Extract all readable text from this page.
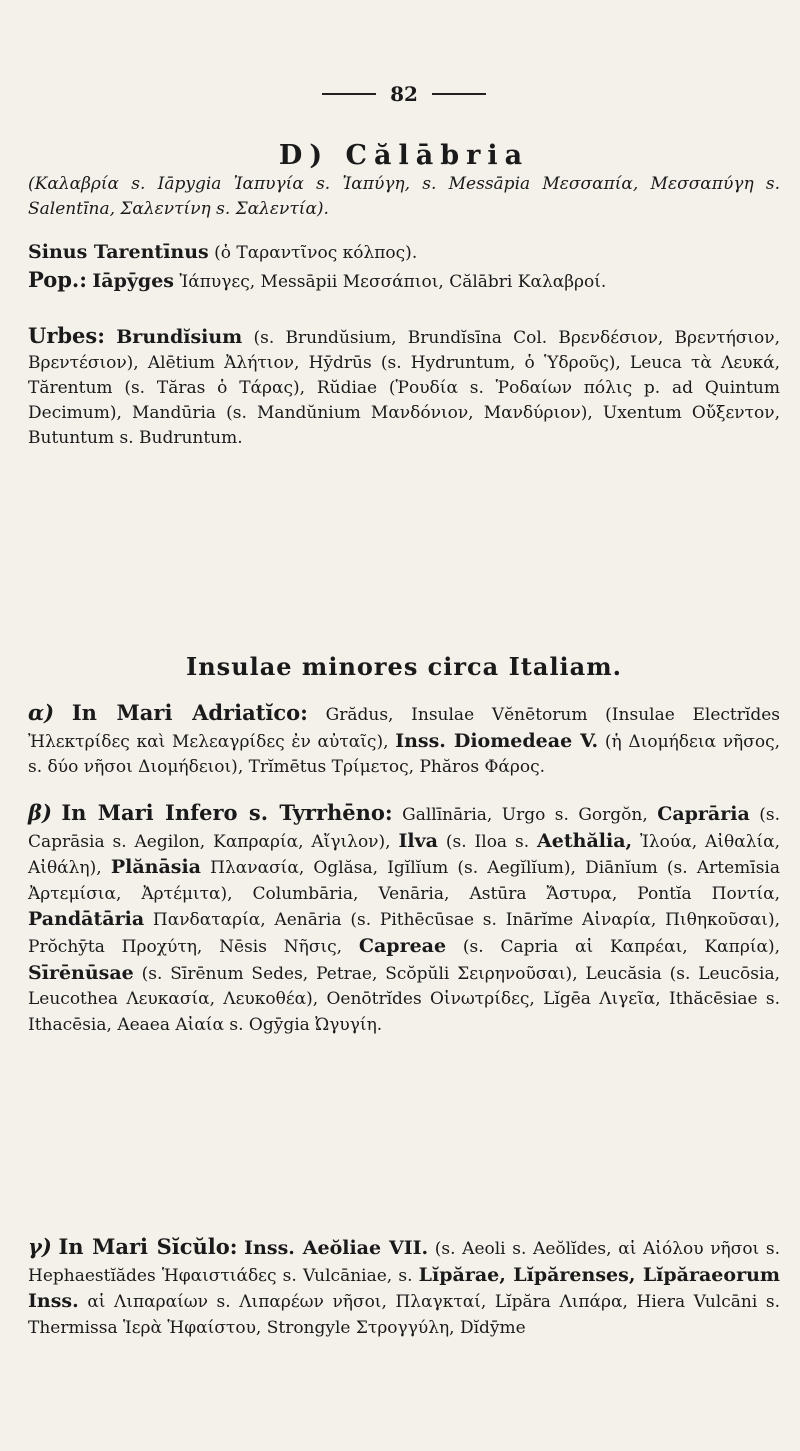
82
D) Călābria

(Καλαβρία s. Iāpygia Ἰαπυγία s. Ἰαπύγη, s. Messāpia Μεσσαπία, Μεσσαπύγη s. Salentīna, Σαλεντίνη s. Σαλεντία).

Sinus Tarentīnus (ὁ Ταραντῖνος κόλπος).

Pop.: Iāpȳges Ἰάπυγες, Messāpii Μεσσάπιοι, Călābri Καλαβροί.

Urbes: Brundĭsium (s. Brundŭsium, Brundĭsīna Col. Βρενδέσιον, Βρεντήσιον, Βρεντέσιον), Alētium Ἀλήτιον, Hȳdrūs (s. Hydruntum, ὁ Ὑδροῦς), Leuca τὰ Λευκά, Tărentum (s. Tăras ὁ Τάρας), Rŭdiae (Ῥουδία s. Ῥοδαίων πόλις p. ad Quintum Decimum), Mandūria (s. Mandŭnium Μανδόνιον, Μανδύριον), Uxentum Οὔξεντον, Butuntum s. Budruntum.

Insulae minores circa Italiam.

α) In Mari Adriatĭco: Grădus, Insulae Vĕnētorum (Insulae Electrĭdes Ἠλεκτρίδες καὶ Μελεαγρίδες ἐν αὐταῖς), Inss. Diomedeae V. (ἡ Διομήδεια νῆσος, s. δύο νῆσοι Διομήδειοι), Trĭmētus Τρίμετος, Phăros Φάρος.

β) In Mari Infero s. Tyrrhēno: Gallīnāria, Urgo s. Gorgŏn, Caprāria (s. Caprāsia s. Aegilon, Καπραρία, Αἴγιλον), Ilva (s. Iloa s. Aethălia, Ἰλούα, Αἰθαλία, Αἰθάλη), Plănāsia Πλανασία, Oglăsa, Igĭlĭum (s. Aegĭlĭum), Diānĭum (s. Artemīsia Ἀρτεμίσια, Ἀρτέμιτα), Columbāria, Venāria, Astūra Ἄστυρα, Pontĭa Ποντία, Pandātāria Πανδαταρία, Aenāria (s. Pithēcūsae s. Inārĭme Αἰναρία, Πιθηκοῦσαι), Prŏchȳta Προχύτη, Nēsis Νῆσις, Capreae (s. Capria αἱ Καπρέαι, Καπρία), Sīrēnūsae (s. Sīrēnum Sedes, Petrae, Scŏpŭli Σειρηνοῦσαι), Leucăsia (s. Leucōsia, Leucothea Λευκασία, Λευκοθέα), Oenōtrĭdes Οἰνωτρίδες, Lĭgēa Λιγεῖα, Ithăcēsiae s. Ithacēsia, Aeaea Αἰαία s. Ogȳgia Ὠγυγίη.

γ) In Mari Sĭcŭlo: Inss. Aeŏliae VII. (s. Aeoli s. Aeŏlĭdes, αἱ Αἰόλου νῆσοι s. Hephaestĭădes Ἡφαιστιάδες s. Vulcāniae, s. Lĭpărae, Lĭpărenses, Lĭpăraeorum Inss. αἱ Λιπαραίων s. Λιπαρέων νῆσοι, Πλαγκταί, Lĭpăra Λιπάρα, Hiera Vulcāni s. Thermissa Ἱερὰ Ἡφαίστου, Strongyle Στρογγύλη, Dĭdȳme
